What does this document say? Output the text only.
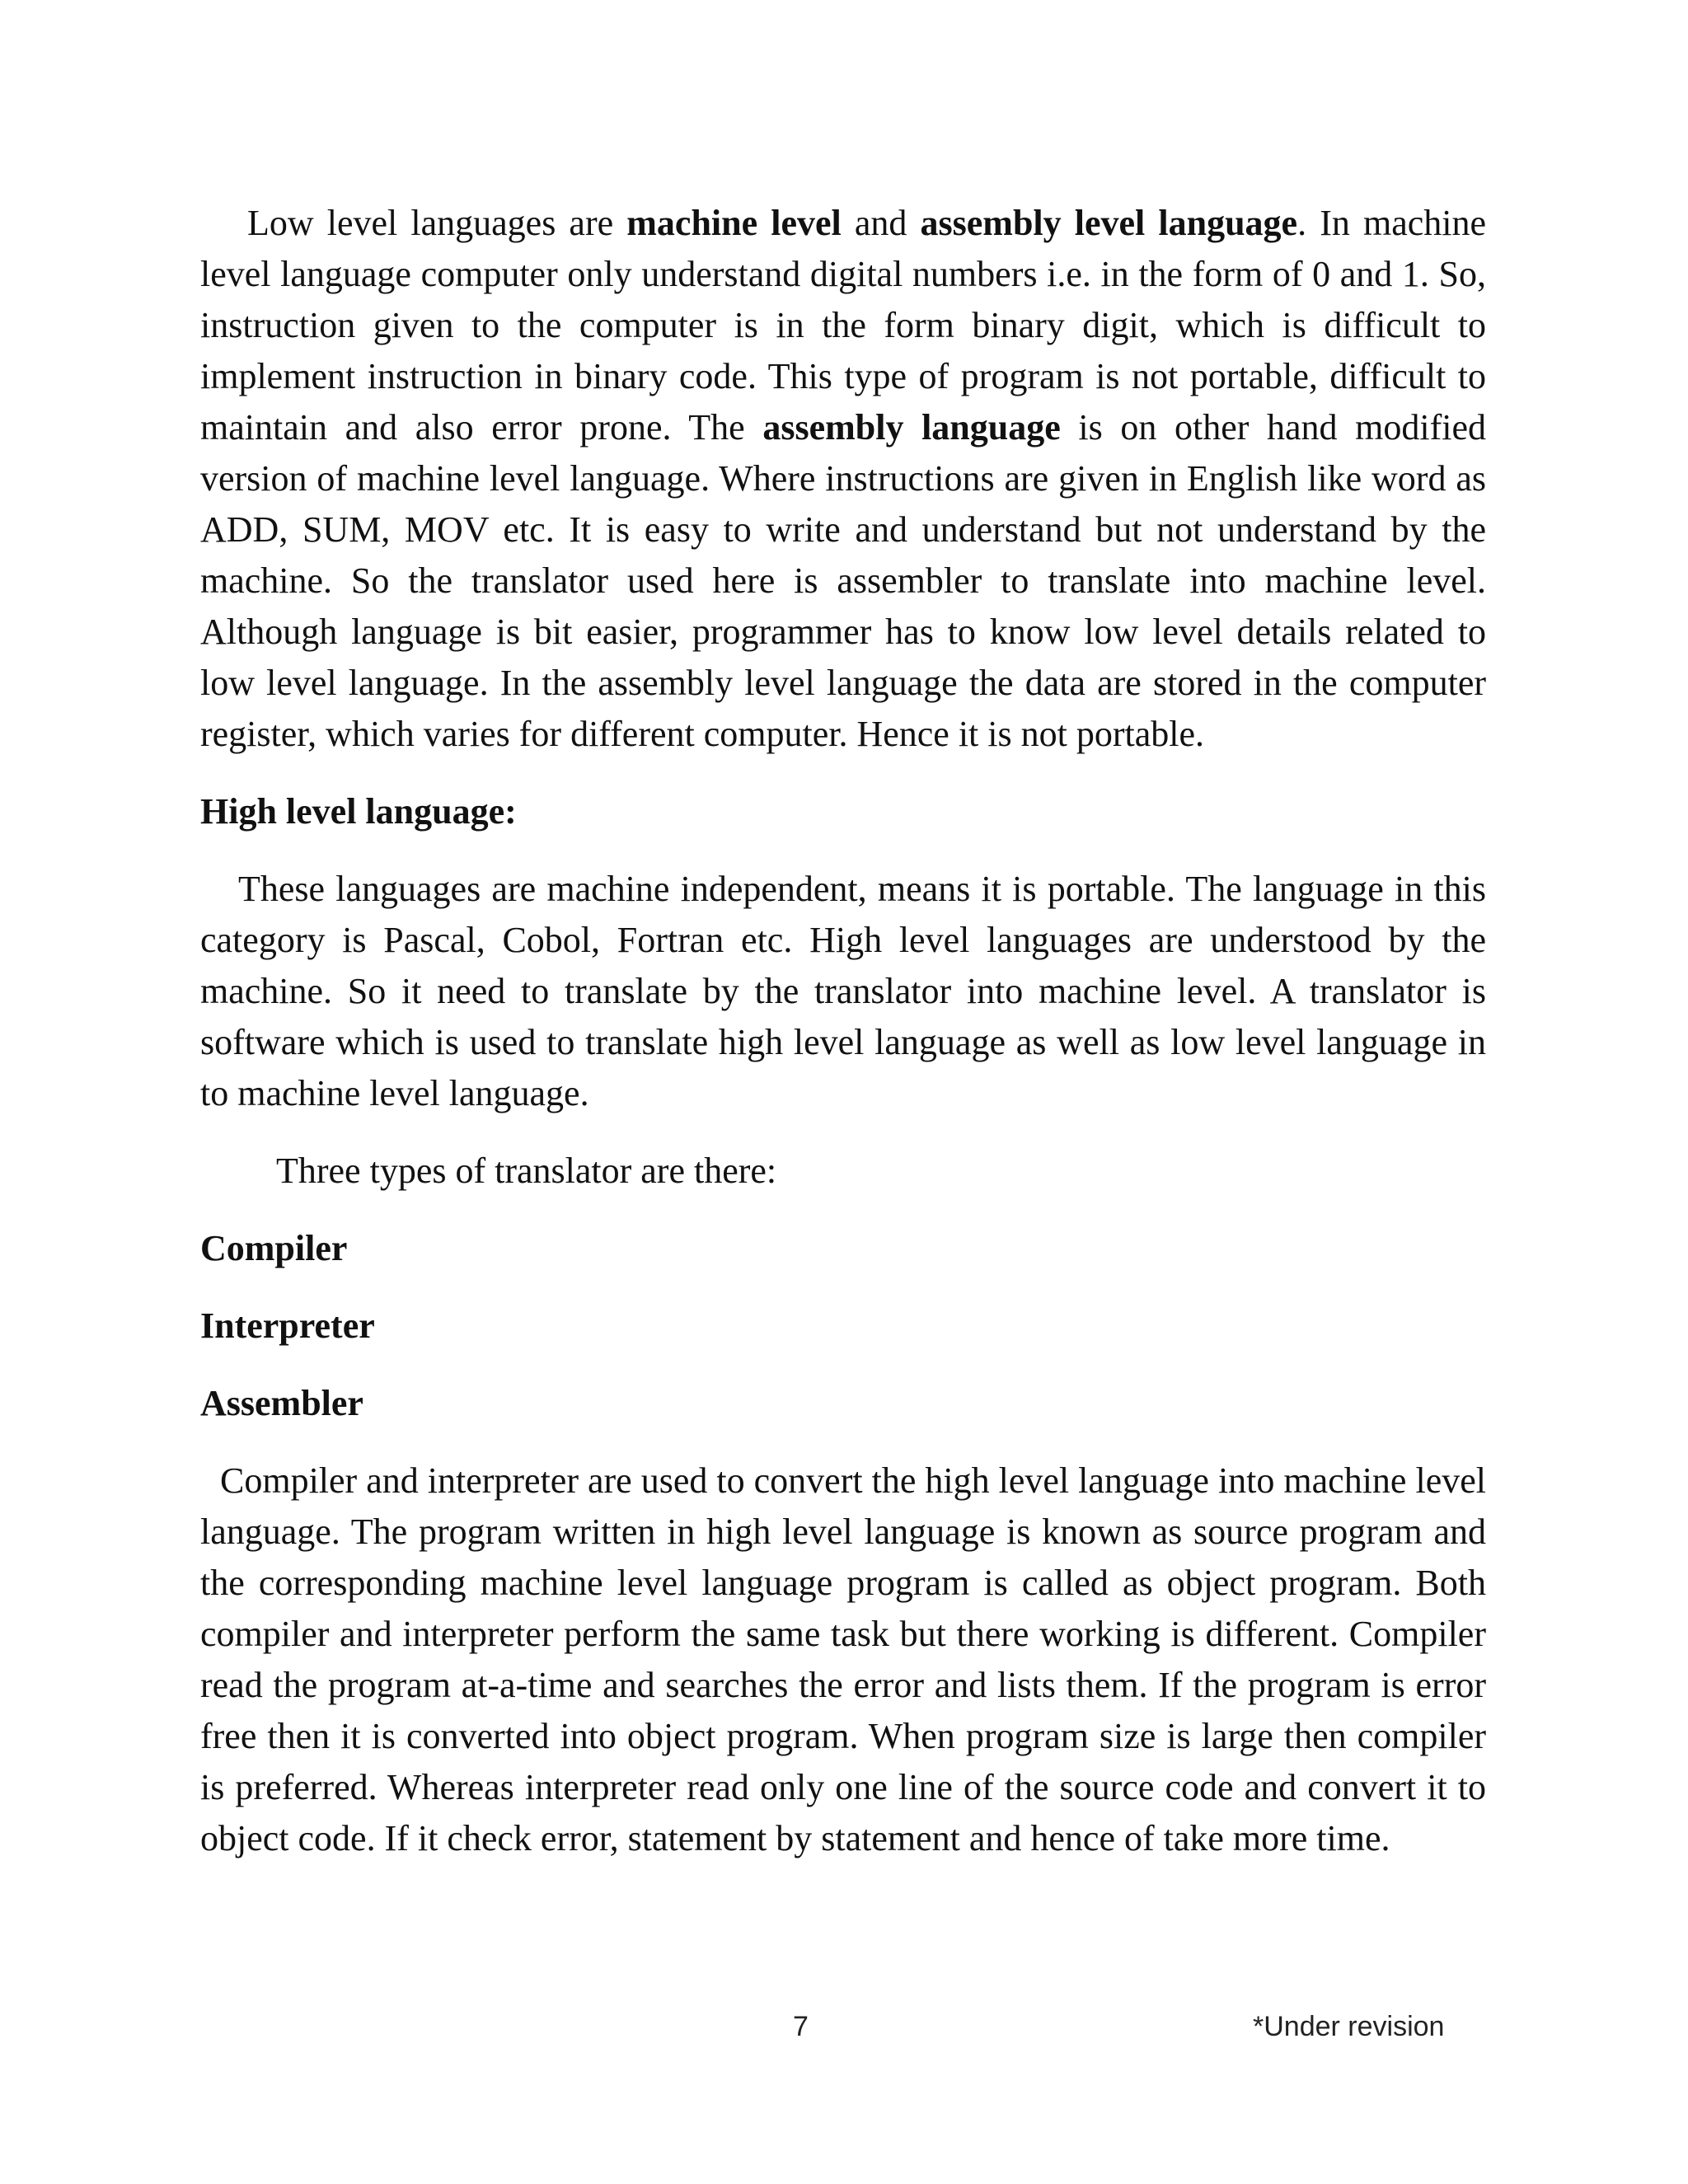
Low level languages are machine level and assembly level language. In machine level language computer only understand digital numbers i.e. in the form of 0 and 1. So, instruction given to the computer is in the form binary digit, which is difficult to implement instruction in binary code. This type of program is not portable, difficult to maintain and also error prone. The assembly language is on other hand modified version of machine level language. Where instructions are given in English like word as ADD, SUM, MOV etc. It is easy to write and understand but not understand by the machine. So the translator used here is assembler to translate into machine level. Although language is bit easier, programmer has to know low level details related to low level language. In the assembly level language the data are stored in the computer register, which varies for different computer. Hence it is not portable.

High level language:

These languages are machine independent, means it is portable. The language in this category is Pascal, Cobol, Fortran etc. High level languages are understood by the machine. So it need to translate by the translator into machine level. A translator is software which is used to translate high level language as well as low level language in to machine level language.

Three types of translator are there:

Compiler

Interpreter

Assembler

Compiler and interpreter are used to convert the high level language into machine level language. The program written in high level language is known as source program and the corresponding machine level language program is called as object program. Both compiler and interpreter perform the same task but there working is different. Compiler read the program at-a-time and searches the error and lists them. If the program is error free then it is converted into object program. When program size is large then compiler is preferred. Whereas interpreter read only one line of the source code and convert it to object code. If it check error, statement by statement and hence of take more time.

7	*Under revision
